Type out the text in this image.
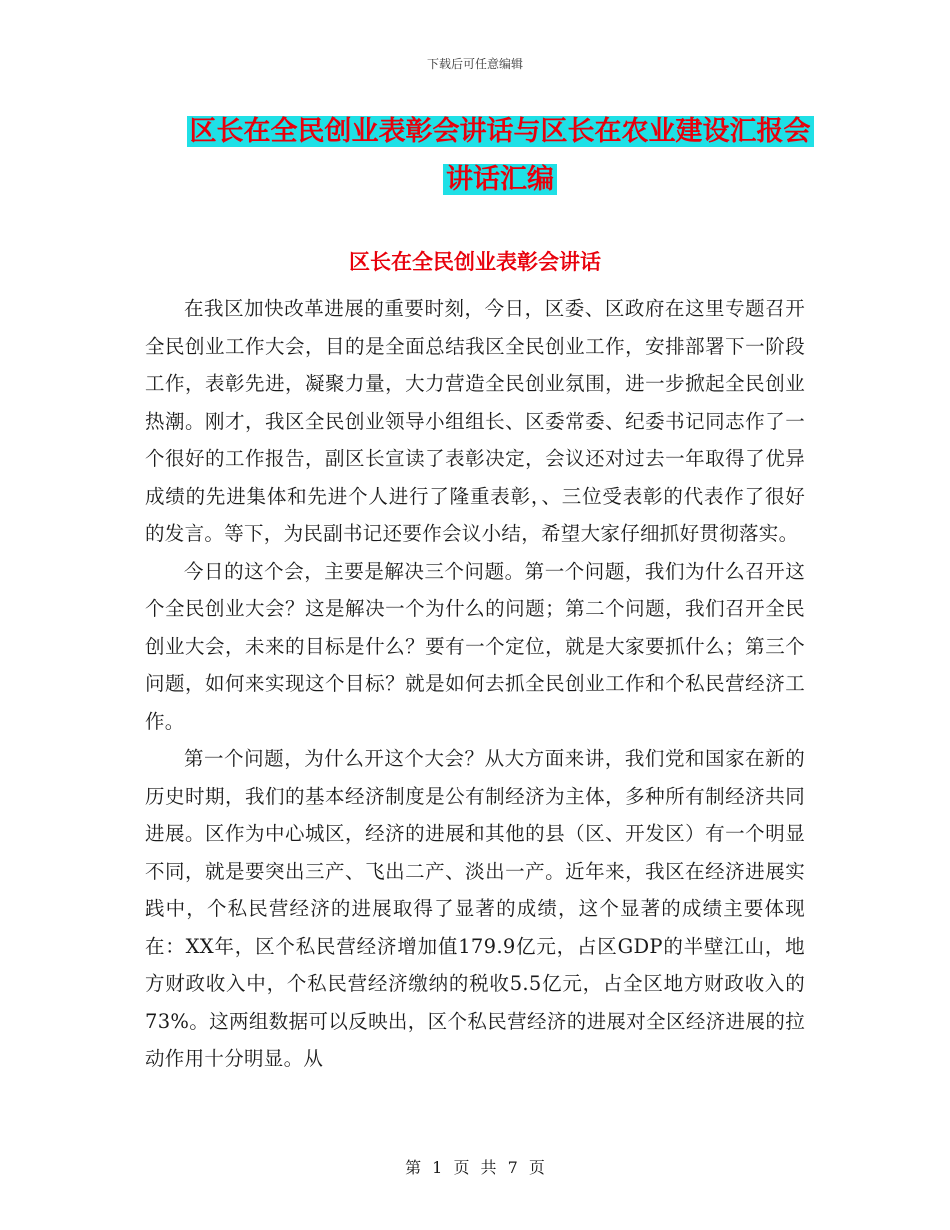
下载后可任意编辑
区长在全民创业表彰会讲话与区长在农业建设汇报会
讲话汇编
区长在全民创业表彰会讲话

在我区加快改革进展的重要时刻，今日，区委、区政府在这里专题召开全民创业工作大会，目的是全面总结我区全民创业工作，安排部署下一阶段工作，表彰先进，凝聚力量，大力营造全民创业氛围，进一步掀起全民创业热潮。刚才，我区全民创业领导小组组长、区委常委、纪委书记同志作了一个很好的工作报告，副区长宣读了表彰决定，会议还对过去一年取得了优异成绩的先进集体和先进个人进行了隆重表彰，、三位受表彰的代表作了很好的发言。等下，为民副书记还要作会议小结，希望大家仔细抓好贯彻落实。

今日的这个会，主要是解决三个问题。第一个问题，我们为什么召开这个全民创业大会？这是解决一个为什么的问题；第二个问题，我们召开全民创业大会，未来的目标是什么？要有一个定位，就是大家要抓什么；第三个问题，如何来实现这个目标？就是如何去抓全民创业工作和个私民营经济工作。

第一个问题，为什么开这个大会？从大方面来讲，我们党和国家在新的历史时期，我们的基本经济制度是公有制经济为主体，多种所有制经济共同进展。区作为中心城区，经济的进展和其他的县（区、开发区）有一个明显不同，就是要突出三产、飞出二产、淡出一产。近年来，我区在经济进展实践中，个私民营经济的进展取得了显著的成绩，这个显著的成绩主要体现在：XX年，区个私民营经济增加值179.9亿元，占区GDP的半壁江山，地方财政收入中，个私民营经济缴纳的税收5.5亿元，占全区地方财政收入的73%。这两组数据可以反映出，区个私民营经济的进展对全区经济进展的拉动作用十分明显。从

第 1 页 共 7 页
